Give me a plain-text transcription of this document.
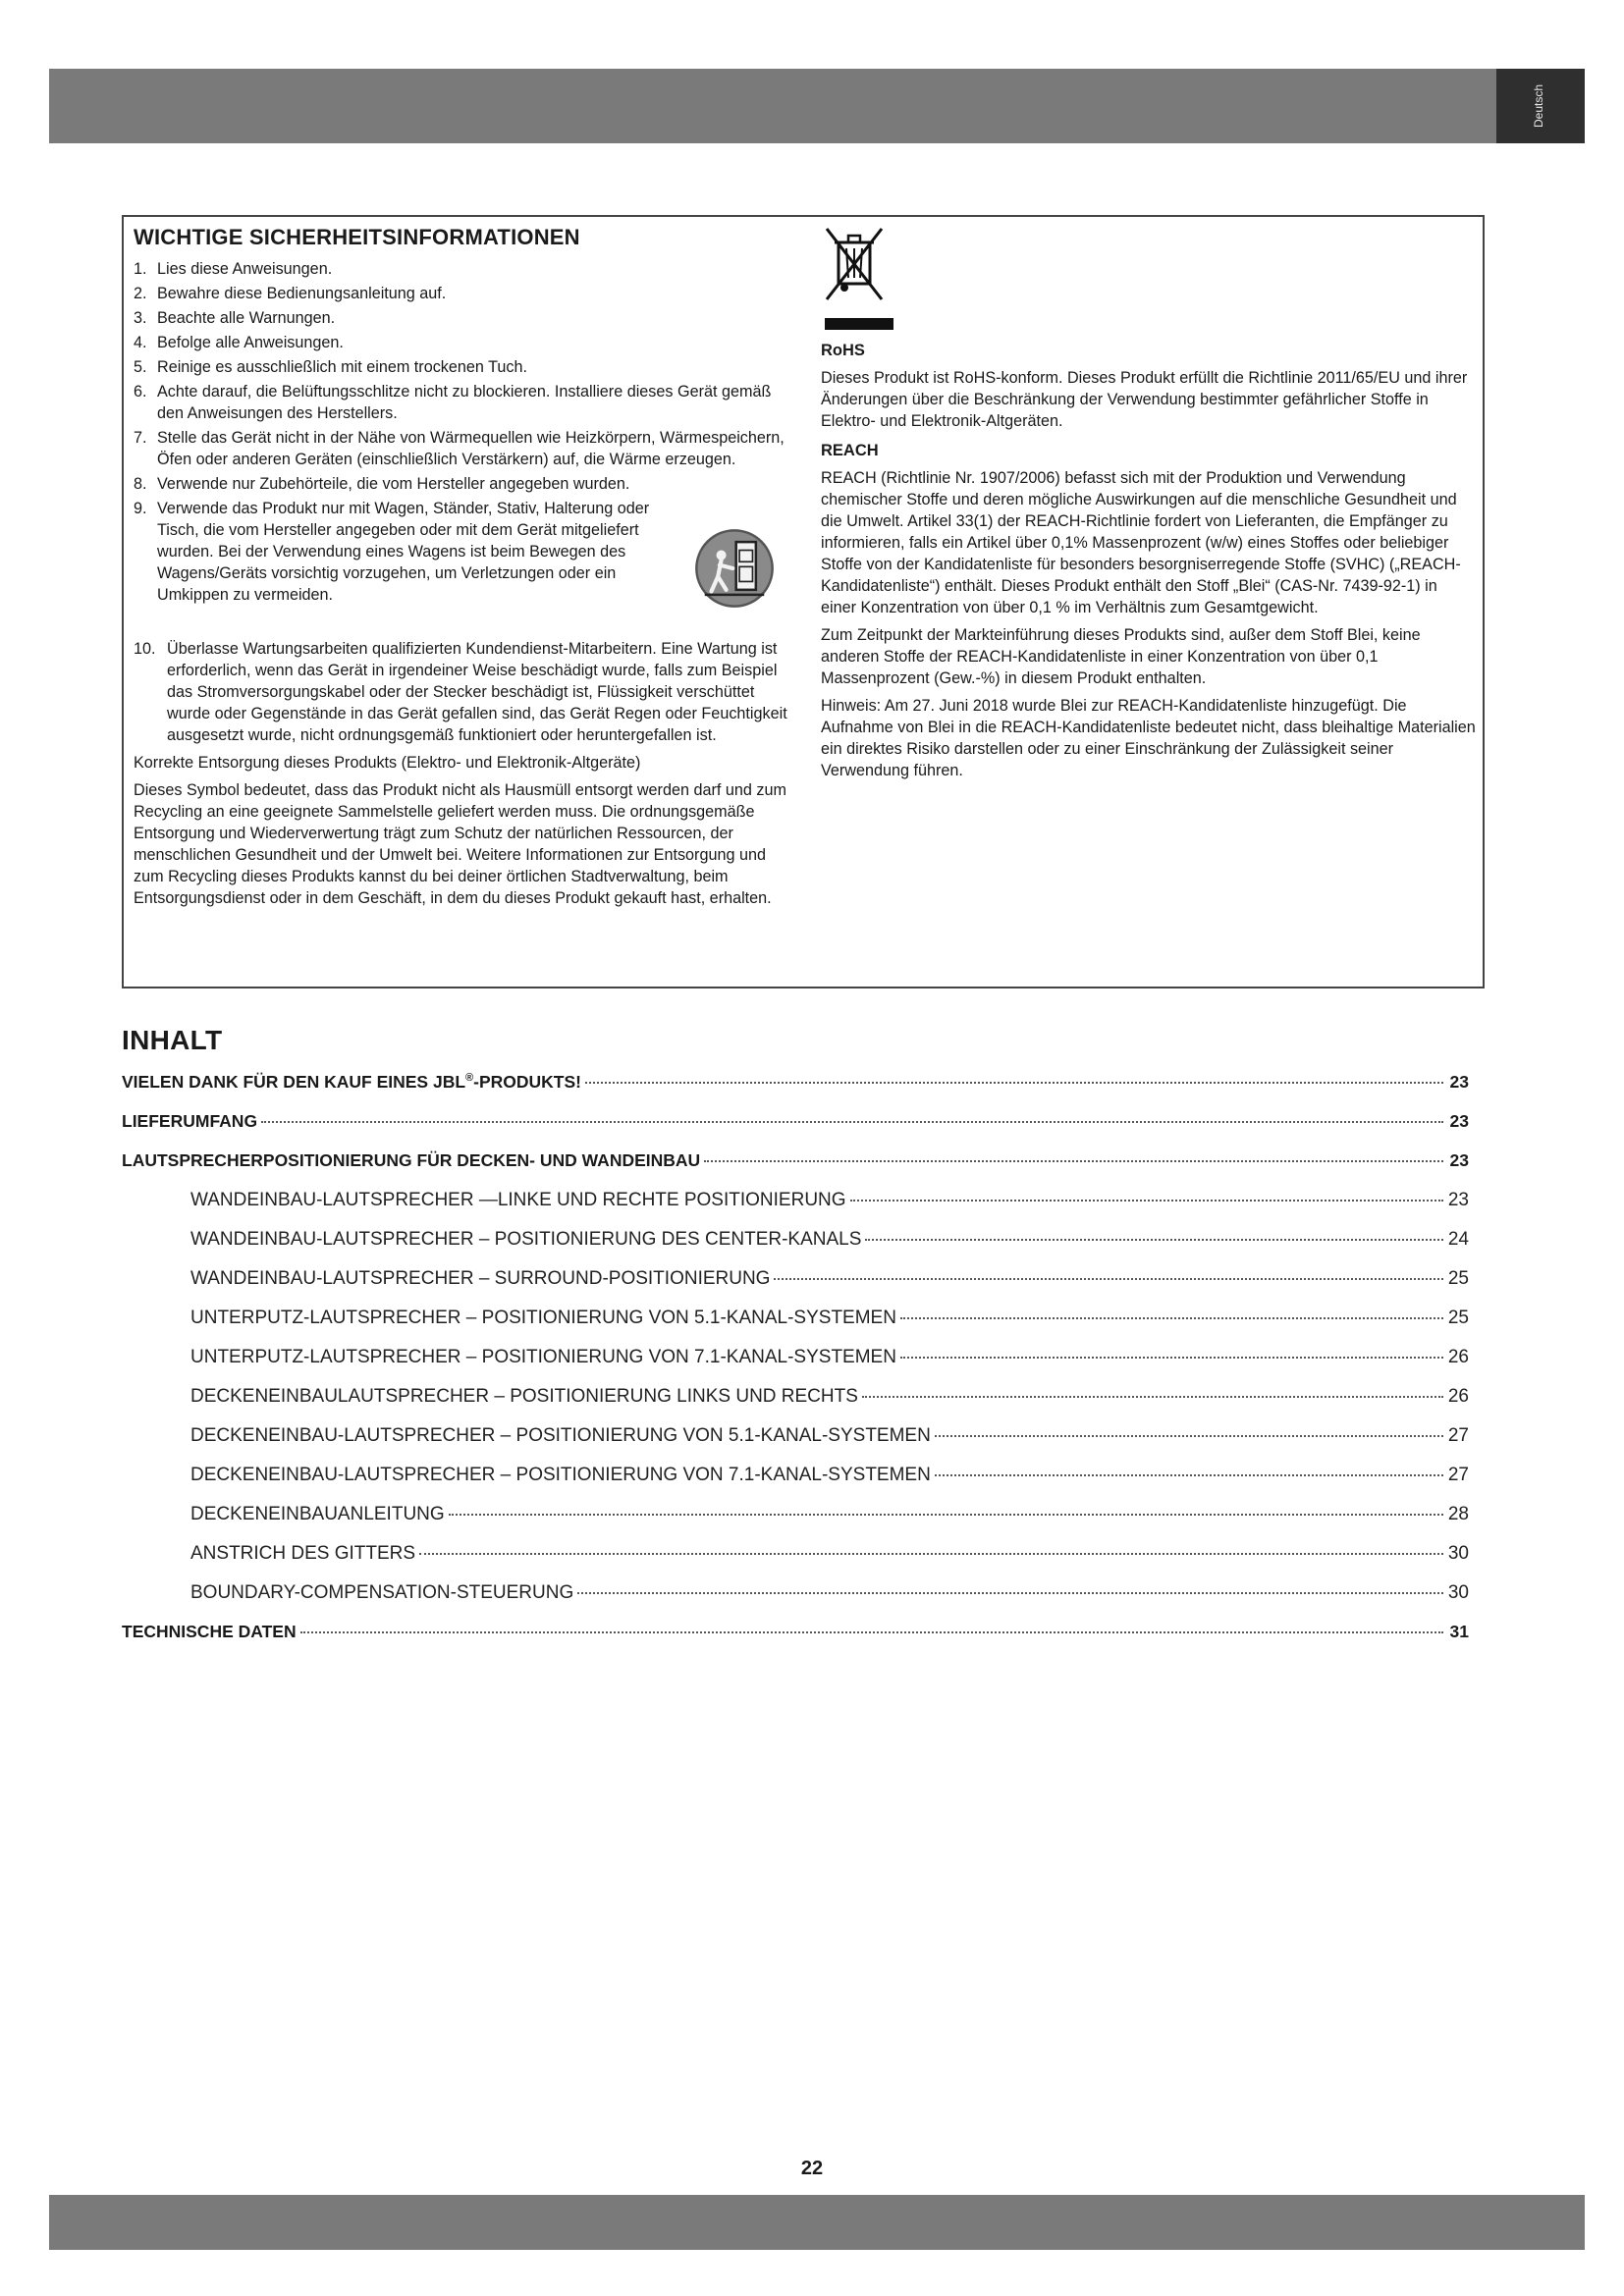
Deutsch
WICHTIGE SICHERHEITSINFORMATIONEN
1. Lies diese Anweisungen.
2. Bewahre diese Bedienungsanleitung auf.
3. Beachte alle Warnungen.
4. Befolge alle Anweisungen.
5. Reinige es ausschließlich mit einem trockenen Tuch.
6. Achte darauf, die Belüftungsschlitze nicht zu blockieren. Installiere dieses Gerät gemäß den Anweisungen des Herstellers.
7. Stelle das Gerät nicht in der Nähe von Wärmequellen wie Heizkörpern, Wärmespeichern, Öfen oder anderen Geräten (einschließlich Verstärkern) auf, die Wärme erzeugen.
8. Verwende nur Zubehörteile, die vom Hersteller angegeben wurden.
9. Verwende das Produkt nur mit Wagen, Ständer, Stativ, Halterung oder Tisch, die vom Hersteller angegeben oder mit dem Gerät mitgeliefert wurden. Bei der Verwendung eines Wagens ist beim Bewegen des Wagens/Geräts vorsichtig vorzugehen, um Verletzungen oder ein Umkippen zu vermeiden.
10. Überlasse Wartungsarbeiten qualifizierten Kundendienst-Mitarbeitern. Eine Wartung ist erforderlich, wenn das Gerät in irgendeiner Weise beschädigt wurde, falls zum Beispiel das Stromversorgungskabel oder der Stecker beschädigt ist, Flüssigkeit verschüttet wurde oder Gegenstände in das Gerät gefallen sind, das Gerät Regen oder Feuchtigkeit ausgesetzt wurde, nicht ordnungsgemäß funktioniert oder heruntergefallen ist.
Korrekte Entsorgung dieses Produkts (Elektro- und Elektronik-Altgeräte)
Dieses Symbol bedeutet, dass das Produkt nicht als Hausmüll entsorgt werden darf und zum Recycling an eine geeignete Sammelstelle geliefert werden muss. Die ordnungsgemäße Entsorgung und Wiederverwertung trägt zum Schutz der natürlichen Ressourcen, der menschlichen Gesundheit und der Umwelt bei. Weitere Informationen zur Entsorgung und zum Recycling dieses Produkts kannst du bei deiner örtlichen Stadtverwaltung, beim Entsorgungsdienst oder in dem Geschäft, in dem du dieses Produkt gekauft hast, erhalten.
RoHS
Dieses Produkt ist RoHS-konform. Dieses Produkt erfüllt die Richtlinie 2011/65/EU und ihrer Änderungen über die Beschränkung der Verwendung bestimmter gefährlicher Stoffe in Elektro- und Elektronik-Altgeräten.
REACH
REACH (Richtlinie Nr. 1907/2006) befasst sich mit der Produktion und Verwendung chemischer Stoffe und deren mögliche Auswirkungen auf die menschliche Gesundheit und die Umwelt. Artikel 33(1) der REACH-Richtlinie fordert von Lieferanten, die Empfänger zu informieren, falls ein Artikel über 0,1% Massenprozent (w/w) eines Stoffes oder beliebiger Stoffe von der Kandidatenliste für besonders besorgniserregende Stoffe (SVHC) („REACH-Kandidatenliste“) enthält. Dieses Produkt enthält den Stoff „Blei“ (CAS-Nr. 7439-92-1) in einer Konzentration von über 0,1 % im Verhältnis zum Gesamtgewicht.
Zum Zeitpunkt der Markteinführung dieses Produkts sind, außer dem Stoff Blei, keine anderen Stoffe der REACH-Kandidatenliste in einer Konzentration von über 0,1 Massenprozent (Gew.-%) in diesem Produkt enthalten.
Hinweis: Am 27. Juni 2018 wurde Blei zur REACH-Kandidatenliste hinzugefügt. Die Aufnahme von Blei in die REACH-Kandidatenliste bedeutet nicht, dass bleihaltige Materialien ein direktes Risiko darstellen oder zu einer Einschränkung der Zulässigkeit seiner Verwendung führen.
INHALT
VIELEN DANK FÜR DEN KAUF EINES JBL®-PRODUKTS!	23
LIEFERUMFANG	23
LAUTSPRECHERPOSITIONIERUNG FÜR DECKEN- UND WANDEINBAU	23
WANDEINBAU-LAUTSPRECHER —LINKE UND RECHTE POSITIONIERUNG	23
WANDEINBAU-LAUTSPRECHER – POSITIONIERUNG DES CENTER-KANALS	24
WANDEINBAU-LAUTSPRECHER – SURROUND-POSITIONIERUNG	25
UNTERPUTZ-LAUTSPRECHER – POSITIONIERUNG VON 5.1-KANAL-SYSTEMEN	25
UNTERPUTZ-LAUTSPRECHER – POSITIONIERUNG VON 7.1-KANAL-SYSTEMEN	26
DECKENEINBAULAUTSPRECHER – POSITIONIERUNG LINKS UND RECHTS	26
DECKENEINBAU-LAUTSPRECHER – POSITIONIERUNG VON 5.1-KANAL-SYSTEMEN	27
DECKENEINBAU-LAUTSPRECHER – POSITIONIERUNG VON 7.1-KANAL-SYSTEMEN	27
DECKENEINBAUANLEITUNG	28
ANSTRICH DES GITTERS	30
BOUNDARY-COMPENSATION-STEUERUNG	30
TECHNISCHE DATEN	31
22
